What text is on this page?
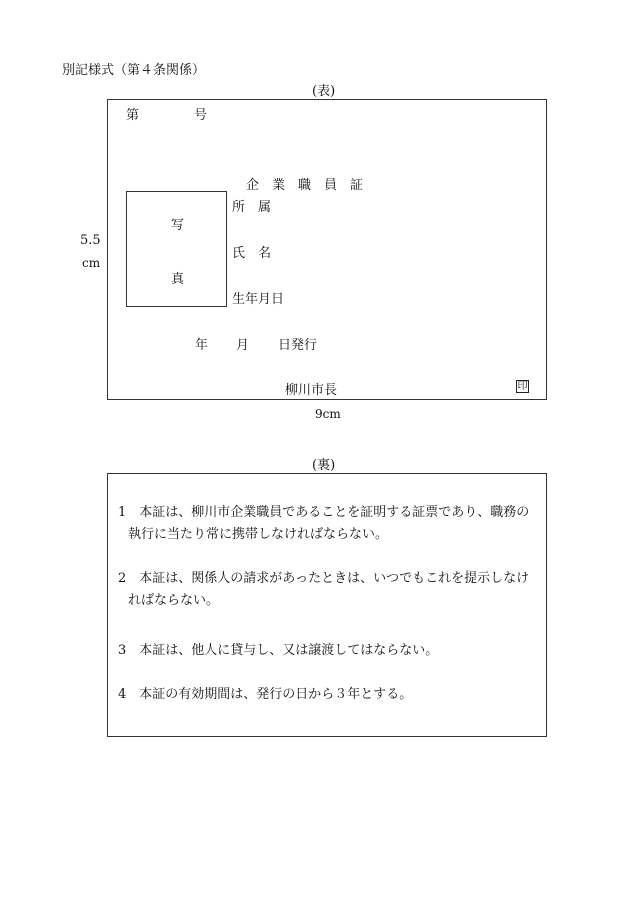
別記様式（第４条関係）
(表)
5.5
cm
第	号
企　業　職　員　証
写
真
所　属
氏　名
生年月日
年 月 日発行
柳川市長	印
9cm
(裏)
1　 本証は、柳川市企業職員であることを証明する証票であり、職務の
執行に当たり常に携帯しなければならない。
2　 本証は、関係人の請求があったときは、いつでもこれを提示しなけ
ればならない。
3　 本証は、他人に貸与し、又は譲渡してはならない。
4　 本証の有効期間は、発行の日から３年とする。
